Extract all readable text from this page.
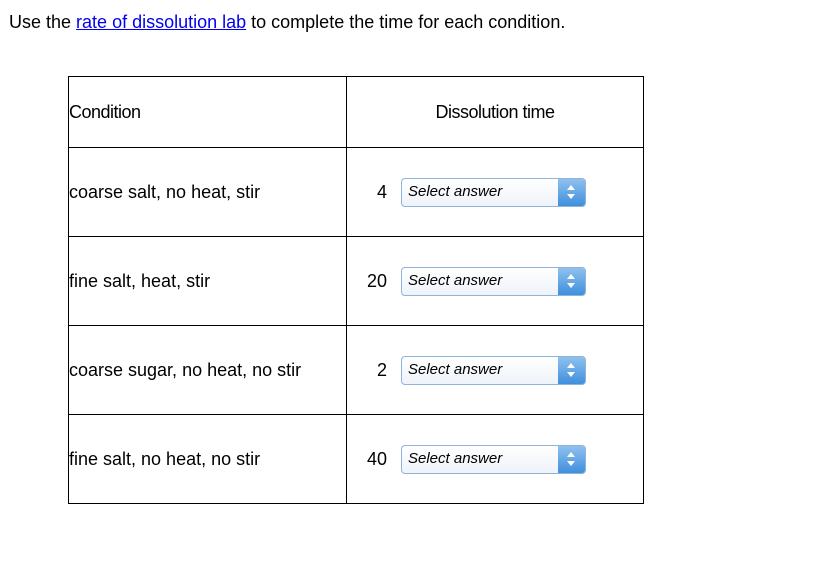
Use the rate of dissolution lab to complete the time for each condition.
Condition	Dissolution time
coarse salt, no heat, stir	4 Select answer

fine salt, heat, stir	20 Select answer

coarse sugar, no heat, no stir	2 Select answer

fine salt, no heat, no stir	40 Select answer
